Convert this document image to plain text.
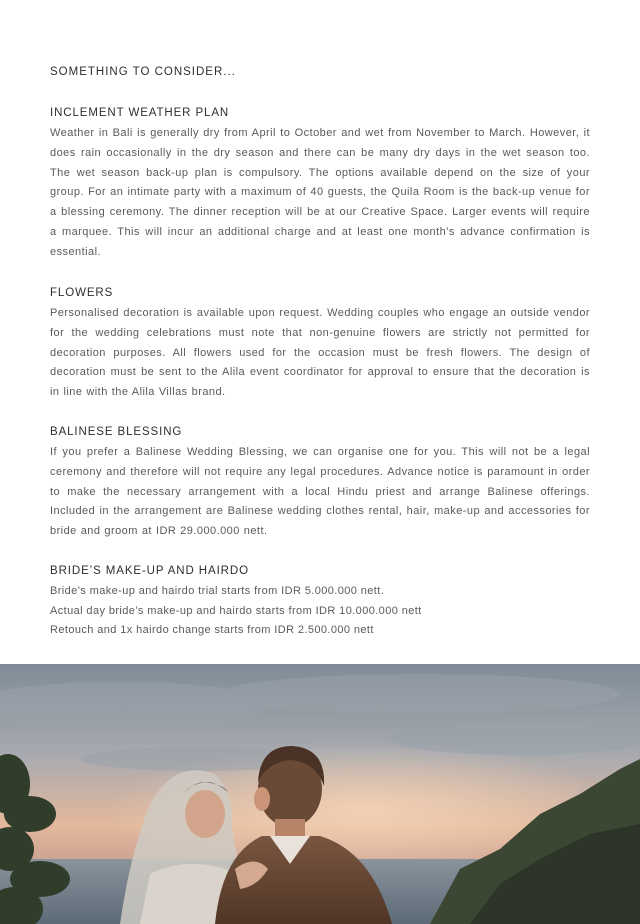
SOMETHING TO CONSIDER...
INCLEMENT WEATHER PLAN

Weather in Bali is generally dry from April to October and wet from November to March. However, it does rain occasionally in the dry season and there can be many dry days in the wet season too. The wet season back-up plan is compulsory. The options available depend on the size of your group. For an intimate party with a maximum of 40 guests, the Quila Room is the back-up venue for a blessing ceremony. The dinner reception will be at our Creative Space. Larger events will require a marquee. This will incur an additional charge and at least one month’s advance confirmation is essential.

FLOWERS

Personalised decoration is available upon request. Wedding couples who engage an outside vendor for the wedding celebrations must note that non-genuine flowers are strictly not permitted for decoration purposes. All flowers used for the occasion must be fresh flowers. The design of decoration must be sent to the Alila event coordinator for approval to ensure that the decoration is in line with the Alila Villas brand.

BALINESE BLESSING

If you prefer a Balinese Wedding Blessing, we can organise one for you. This will not be a legal ceremony and therefore will not require any legal procedures. Advance notice is paramount in order to make the necessary arrangement with a local Hindu priest and arrange Balinese offerings. Included in the arrangement are Balinese wedding clothes rental, hair, make-up and accessories for bride and groom at IDR 29.000.000 nett.

BRIDE’S MAKE-UP AND HAIRDO
Bride’s make-up and hairdo trial starts from IDR 5.000.000 nett.
Actual day bride’s make-up and hairdo starts from IDR 10.000.000 nett
Retouch and 1x hairdo change starts from IDR 2.500.000 nett
